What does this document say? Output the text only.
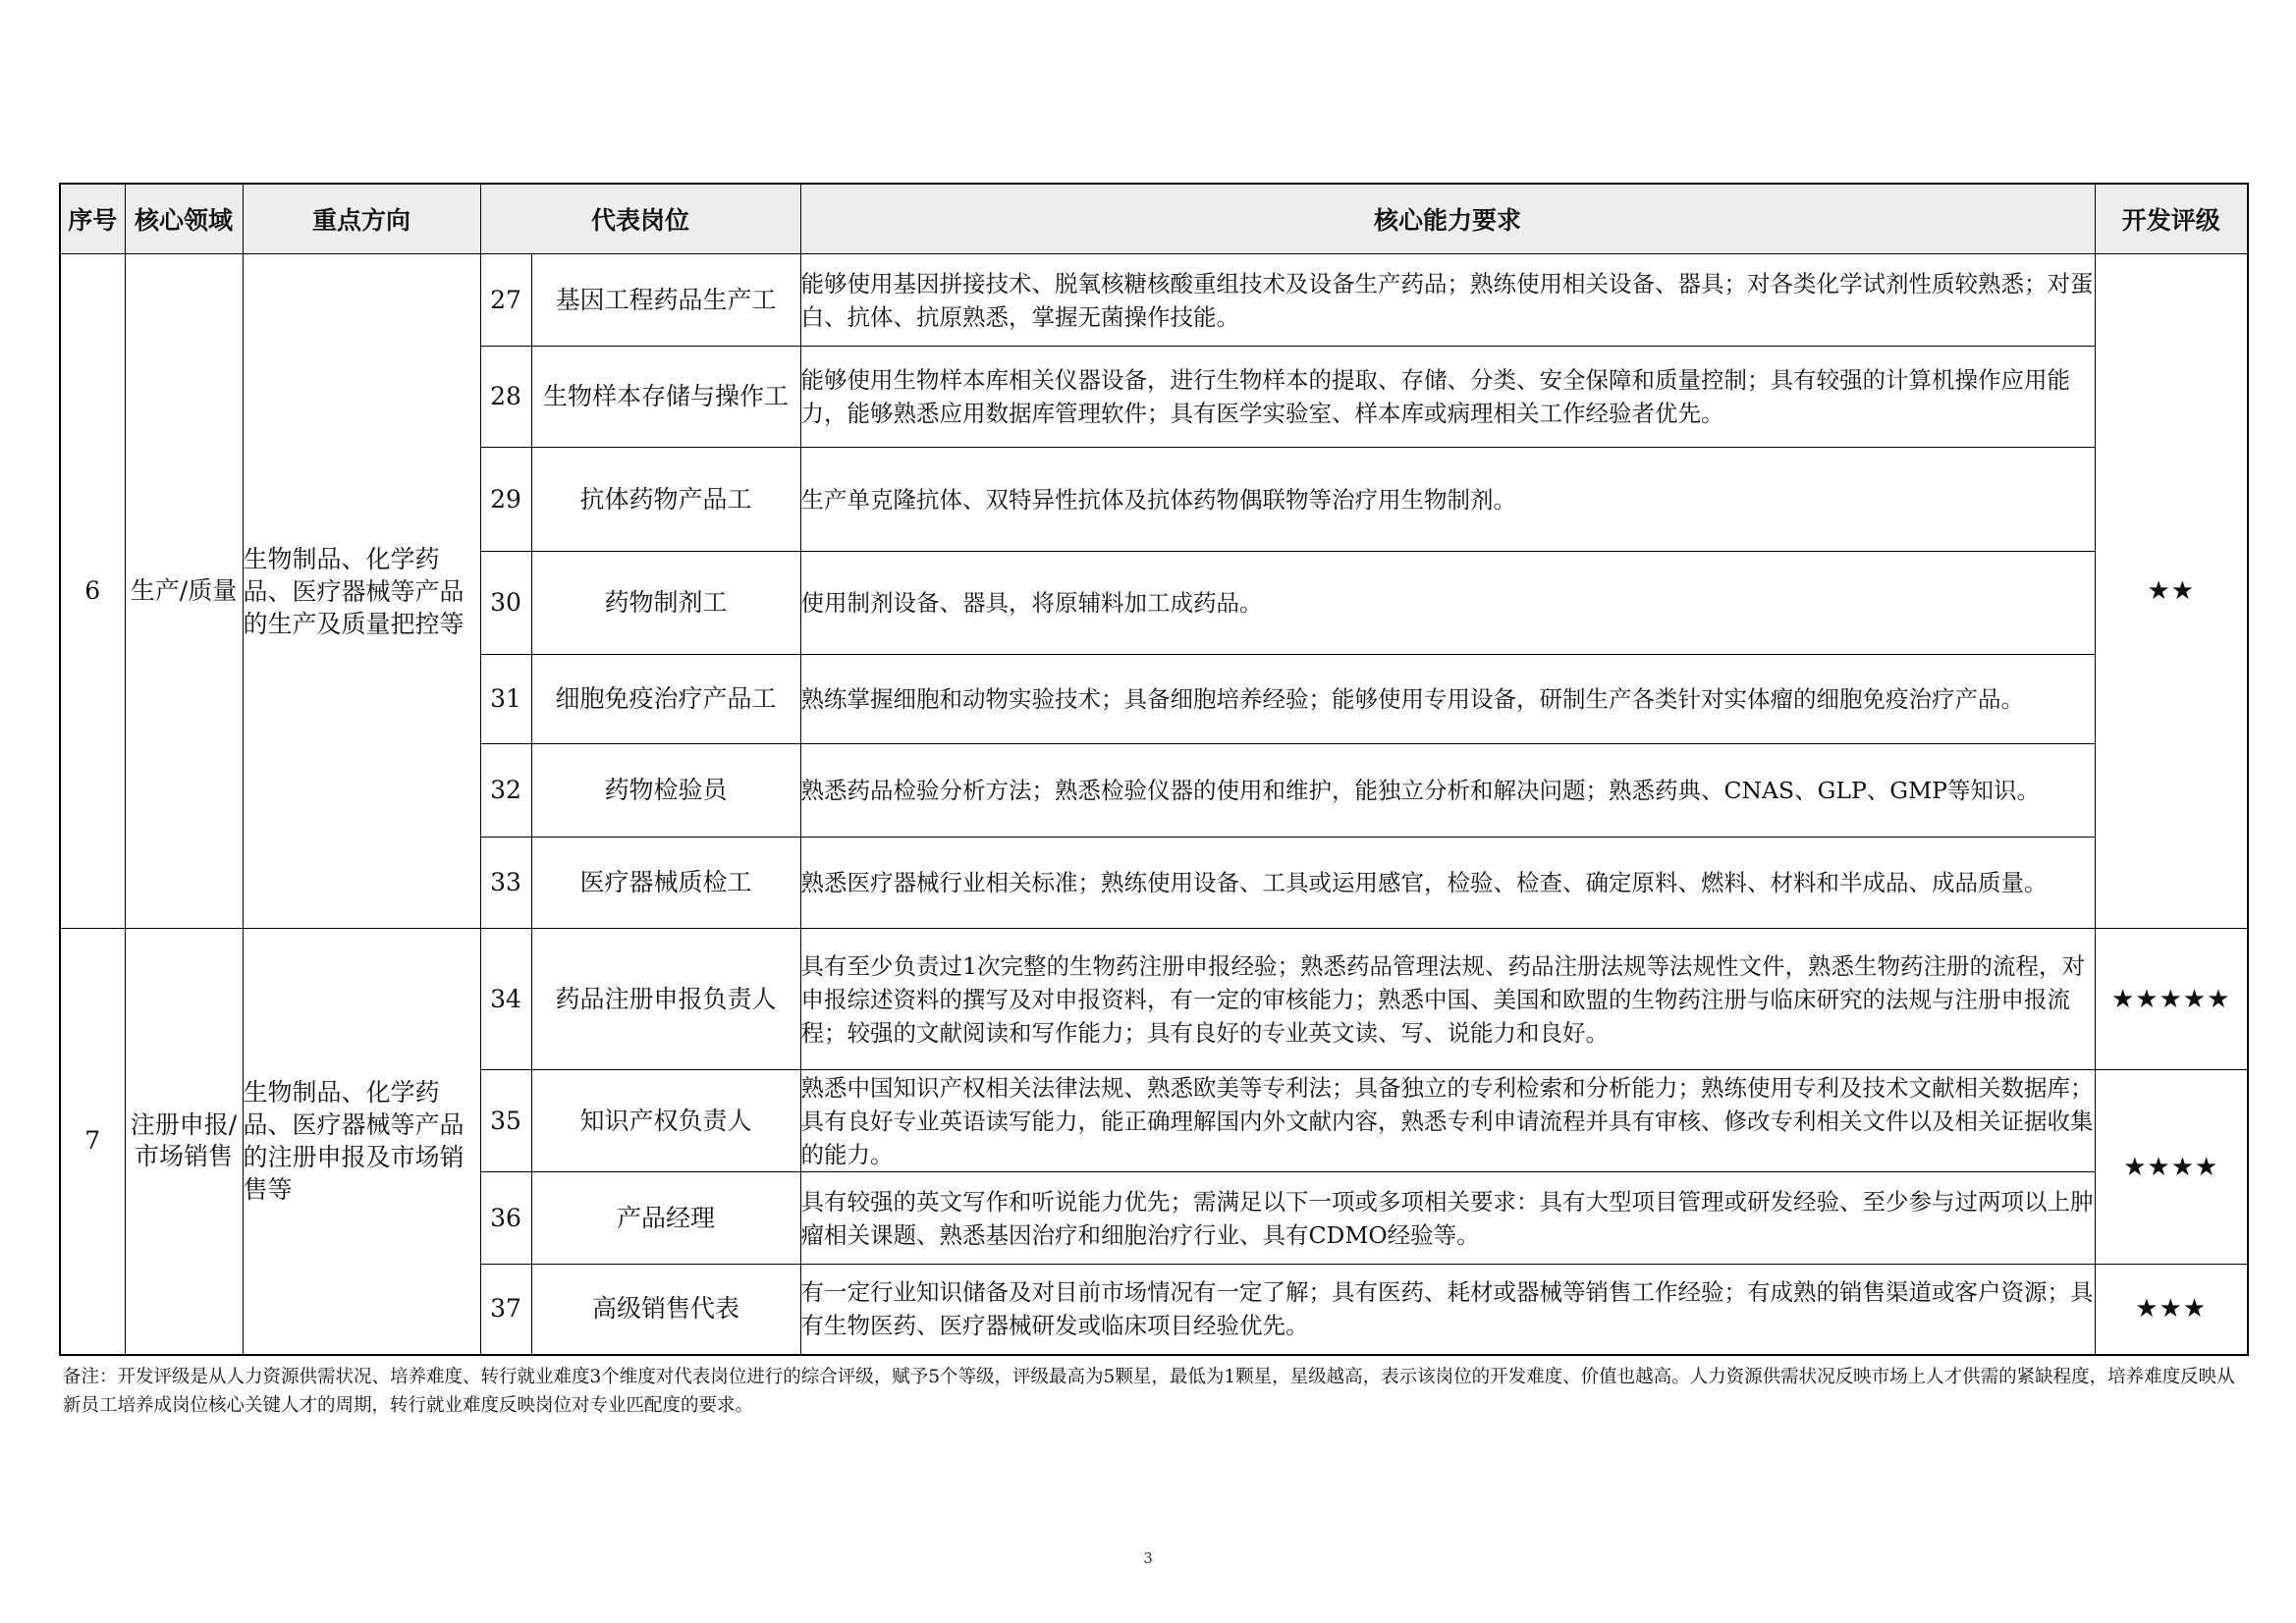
序号	核心领域	重点方向	代表岗位		核心能力要求	开发评级
6	生产/质量	生物制品、化学药品、医疗器械等产品的生产及质量把控等	27	基因工程药品生产工	能够使用基因拼接技术、脱氧核糖核酸重组技术及设备生产药品；熟练使用相关设备、器具；对各类化学试剂性质较熟悉；对蛋白、抗体、抗原熟悉，掌握无菌操作技能。	★★
			28	生物样本存储与操作工	能够使用生物样本库相关仪器设备，进行生物样本的提取、存储、分类、安全保障和质量控制；具有较强的计算机操作应用能力，能够熟悉应用数据库管理软件；具有医学实验室、样本库或病理相关工作经验者优先。	
			29	抗体药物产品工	生产单克隆抗体、双特异性抗体及抗体药物偶联物等治疗用生物制剂。	
			30	药物制剂工	使用制剂设备、器具，将原辅料加工成药品。	
			31	细胞免疫治疗产品工	熟练掌握细胞和动物实验技术；具备细胞培养经验；能够使用专用设备，研制生产各类针对实体瘤的细胞免疫治疗产品。	
			32	药物检验员	熟悉药品检验分析方法；熟悉检验仪器的使用和维护，能独立分析和解决问题；熟悉药典、CNAS、GLP、GMP等知识。	
			33	医疗器械质检工	熟悉医疗器械行业相关标准；熟练使用设备、工具或运用感官，检验、检查、确定原料、燃料、材料和半成品、成品质量。	
7	注册申报/市场销售	生物制品、化学药品、医疗器械等产品的注册申报及市场销售等	34	药品注册申报负责人	具有至少负责过1次完整的生物药注册申报经验；熟悉药品管理法规、药品注册法规等法规性文件，熟悉生物药注册的流程，对申报综述资料的撰写及对申报资料，有一定的审核能力；熟悉中国、美国和欧盟的生物药注册与临床研究的法规与注册申报流程；较强的文献阅读和写作能力；具有良好的专业英文读、写、说能力和良好。	★★★★★
			35	知识产权负责人	熟悉中国知识产权相关法律法规、熟悉欧美等专利法；具备独立的专利检索和分析能力；熟练使用专利及技术文献相关数据库；具有良好专业英语读写能力，能正确理解国内外文献内容，熟悉专利申请流程并具有审核、修改专利相关文件以及相关证据收集的能力。	★★★★
			36	产品经理	具有较强的英文写作和听说能力优先；需满足以下一项或多项相关要求：具有大型项目管理或研发经验、至少参与过两项以上肿瘤相关课题、熟悉基因治疗和细胞治疗行业、具有CDMO经验等。	
			37	高级销售代表	有一定行业知识储备及对目前市场情况有一定了解；具有医药、耗材或器械等销售工作经验；有成熟的销售渠道或客户资源；具有生物医药、医疗器械研发或临床项目经验优先。	★★★
备注：开发评级是从人力资源供需状况、培养难度、转行就业难度3个维度对代表岗位进行的综合评级，赋予5个等级，评级最高为5颗星，最低为1颗星，星级越高，表示该岗位的开发难度、价值也越高。人力资源供需状况反映市场上人才供需的紧缺程度，培养难度反映从新员工培养成岗位核心关键人才的周期，转行就业难度反映岗位对专业匹配度的要求。
3
